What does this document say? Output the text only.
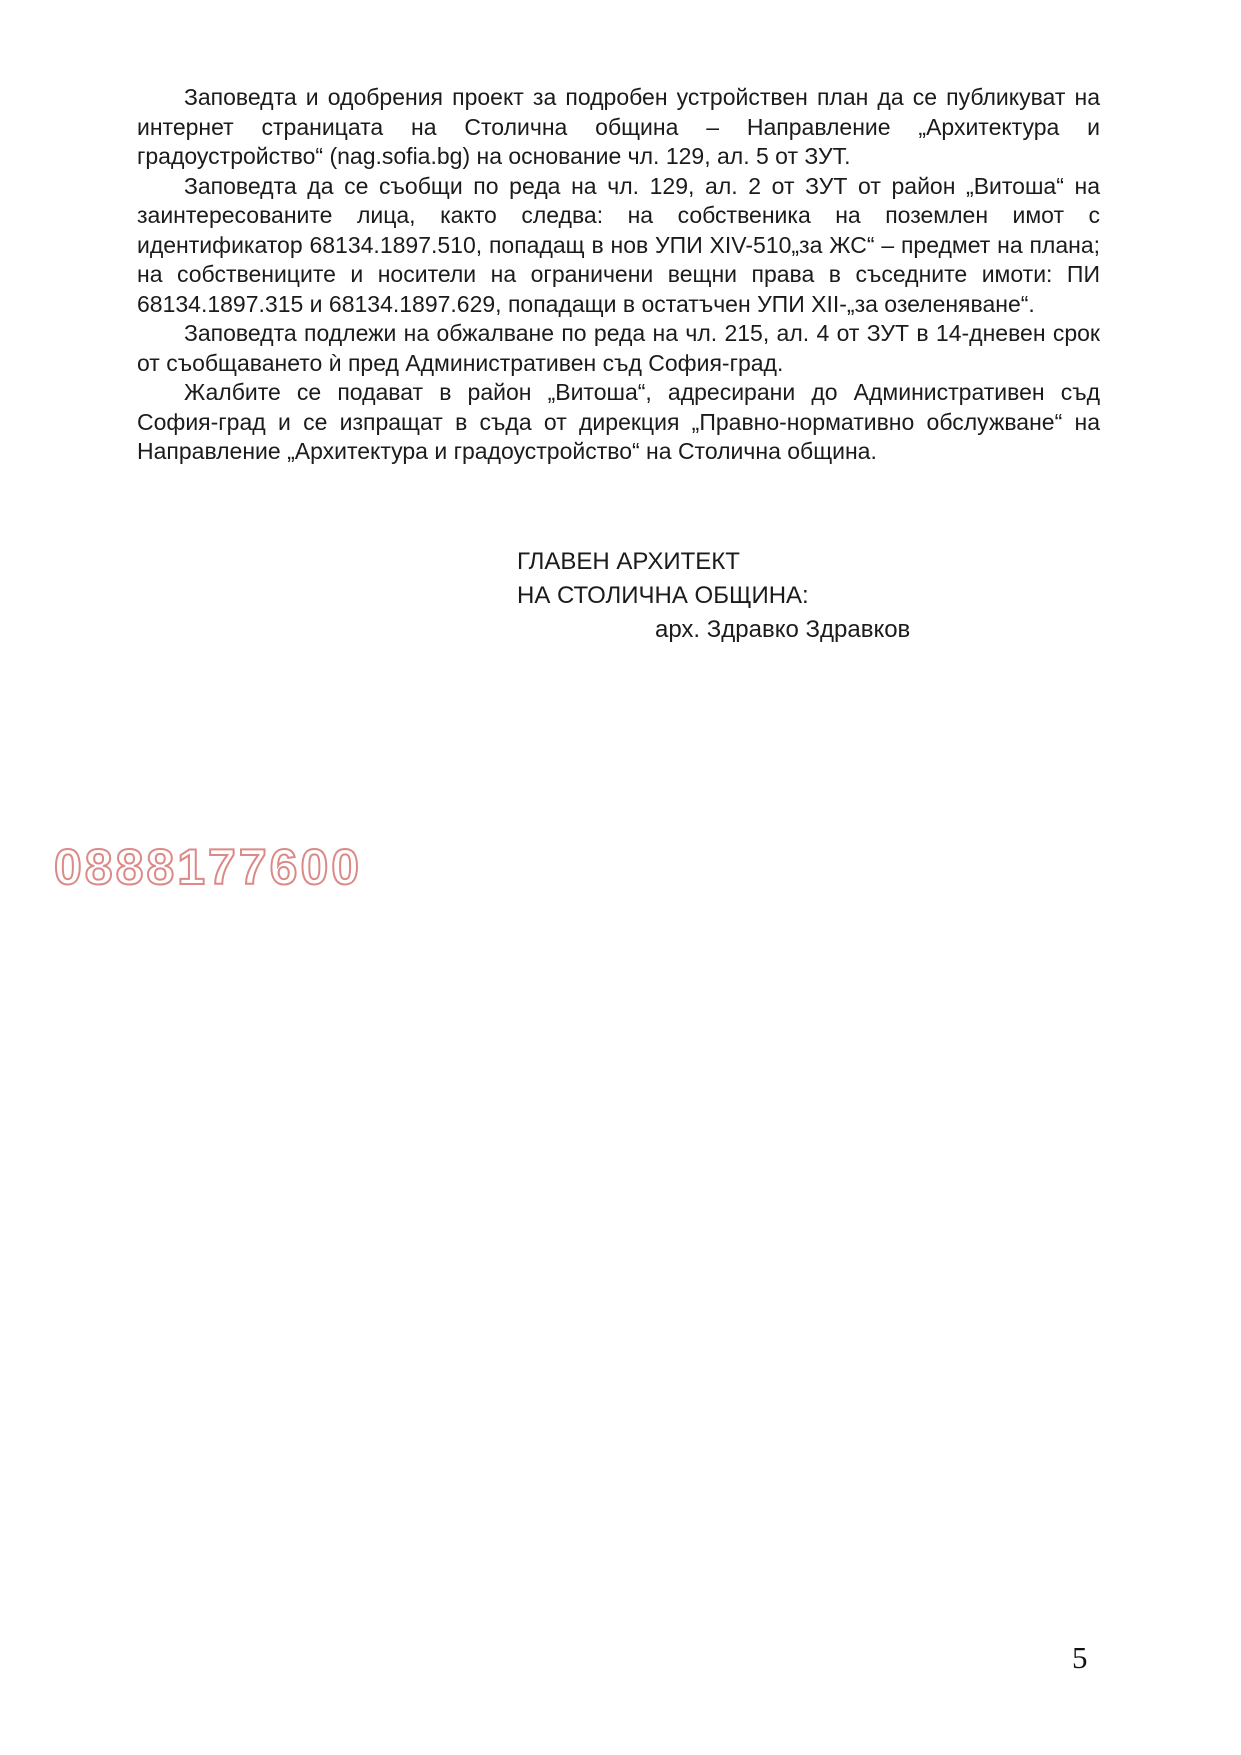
Заповедта и одобрения проект за подробен устройствен план да се публикуват на интернет страницата на Столична община – Направление „Архитектура и градоустройство“ (nag.sofia.bg) на основание чл. 129, ал. 5 от ЗУТ.

Заповедта да се съобщи по реда на чл. 129, ал. 2 от ЗУТ от район „Витоша“ на заинтересованите лица, както следва: на собственика на поземлен имот с идентификатор 68134.1897.510, попадащ в нов УПИ XIV-510„за ЖС“ – предмет на плана; на собствениците и носители на ограничени вещни права в съседните имоти: ПИ 68134.1897.315 и 68134.1897.629, попадащи в остатъчен УПИ XII-„за озеленяване“.

Заповедта подлежи на обжалване по реда на чл. 215, ал. 4 от ЗУТ в 14-дневен срок от съобщаването ѝ пред Административен съд София-град.

Жалбите се подават в район „Витоша“, адресирани до Административен съд София-град и се изпращат в съда от дирекция „Правно-нормативно обслужване“ на Направление „Архитектура и градоустройство“ на Столична община.

ГЛАВЕН АРХИТЕКТ
НА СТОЛИЧНА ОБЩИНА:
арх. Здравко Здравков
0888177600
5
